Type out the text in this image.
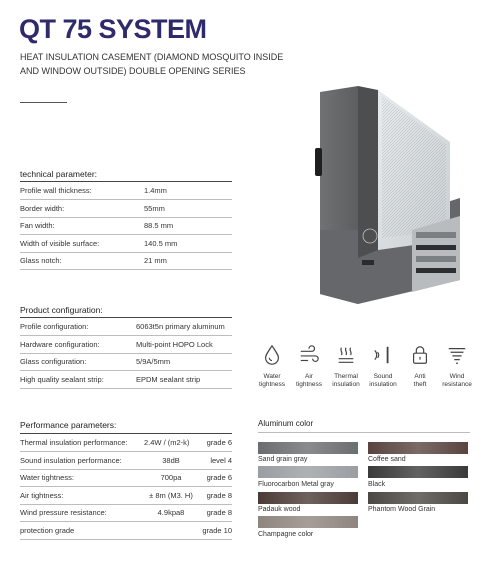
QT 75 SYSTEM
HEAT INSULATION CASEMENT (DIAMOND MOSQUITO INSIDE AND WINDOW OUTSIDE) DOUBLE OPENING SERIES
technical parameter:
Profile wall thickness:	1.4mm
Border width:	55mm
Fan width:	88.5 mm
Width of visible surface:	140.5 mm
Glass notch:	21 mm
Product configuration:
Profile configuration:	6063t5n primary aluminum
Hardware configuration:	Multi-point HOPO Lock
Glass configuration:	5/9A/5mm
High quality sealant strip:	EPDM sealant strip
Performance parameters:
Thermal insulation performance:	2.4W / (m2-k)	grade 6
Sound insulation performance:	38dB	level 4
Water tightness:	700pa	grade 6
Air tightness:	± 8m (M3. H)	grade 8
Wind pressure resistance:	4.9kpa8	grade 8
protection grade		grade 10
Water
tightness
Air
tightness
Thermal
insulation
Sound
insulation
Anti
theft
Wind
resistance
Aluminum color
Sand grain gray	Coffee sand
Fluorocarbon Metal gray	Black
Padauk wood	Phantom Wood Grain
Champagne color
